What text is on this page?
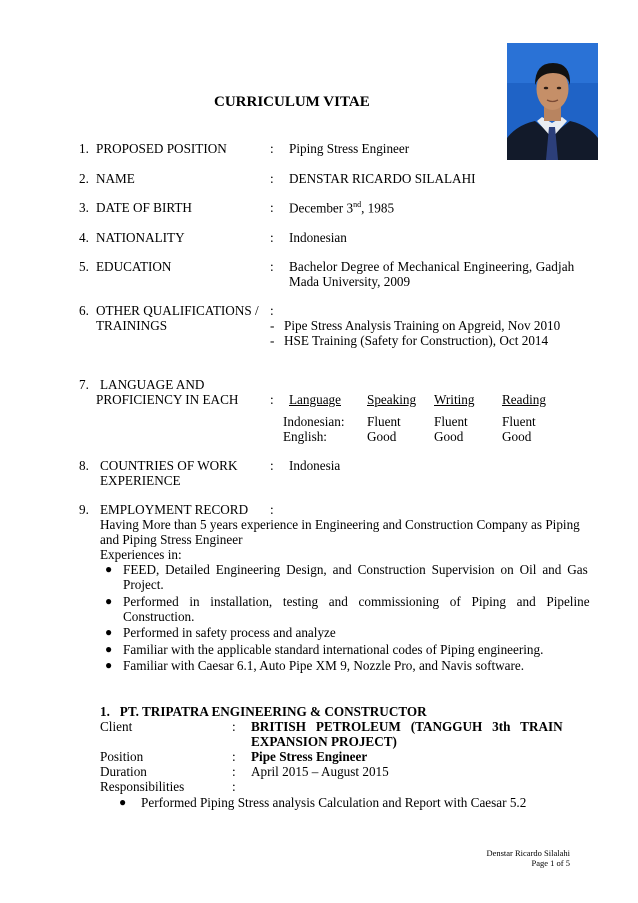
CURRICULUM VITAE
1. PROPOSED POSITION	: Piping Stress Engineer
2. NAME	: DENSTAR RICARDO SILALAHI
3. DATE OF BIRTH	: December 3nd, 1985
4. NATIONALITY	: Indonesian
5. EDUCATION	: Bachelor Degree of Mechanical Engineering, Gadjah
Mada University, 2009
6. OTHER QUALIFICATIONS /
TRAININGS
:
- Pipe Stress Analysis Training on Apgreid, Nov 2010
- HSE Training (Safety for Construction), Oct 2014
7. LANGUAGE AND
PROFICIENCY IN EACH : Language Speaking Writing Reading
Indonesian: Fluent	Fluent	Fluent
English:	Good	Good	Good
8. COUNTRIES OF WORK
EXPERIENCE
: Indonesia
9. EMPLOYMENT RECORD :
Having More than 5 years experience in Engineering and Construction Company as Piping
and Piping Stress Engineer
Experiences in:
● FEED, Detailed Engineering Design, and Construction Supervision on Oil and Gas
Project.
● Performed in installation, testing and commissioning of Piping and Pipeline
Construction.
● Performed in safety process and analyze
● Familiar with the applicable standard international codes of Piping engineering.
● Familiar with Caesar 6.1, Auto Pipe XM 9, Nozzle Pro, and Navis software.
1.   PT. TRIPATRA ENGINEERING & CONSTRUCTOR
Client	: BRITISH   PETROLEUM   (TANGGUH   3th   TRAIN
EXPANSION PROJECT)
Position	: Pipe Stress Engineer
Duration	: April 2015 – August 2015
Responsibilities	:
● Performed Piping Stress analysis Calculation and Report with Caesar 5.2
Denstar Ricardo Silalahi
Page 1 of 5
